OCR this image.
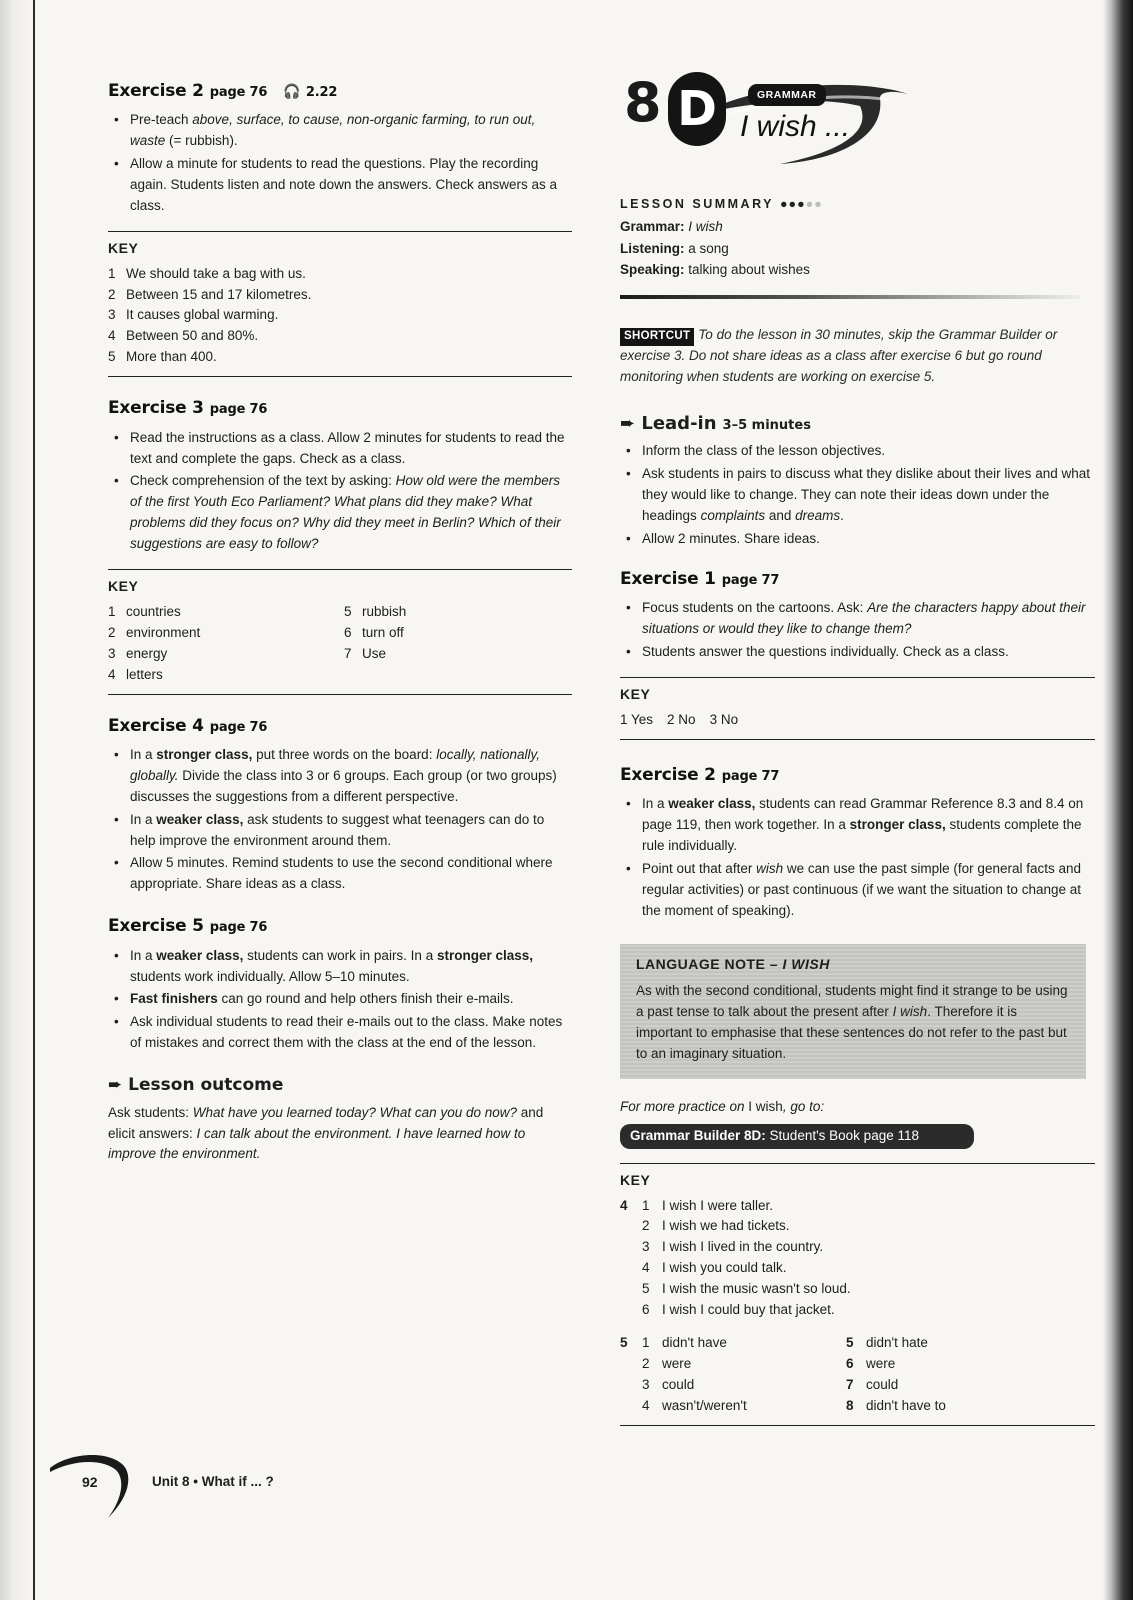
Exercise 2 page 76 🎧 2.22
• Pre-teach above, surface, to cause, non-organic farming, to run out, waste (= rubbish).
• Allow a minute for students to read the questions. Play the recording again. Students listen and note down the answers. Check answers as a class.
KEY
1 We should take a bag with us.
2 Between 15 and 17 kilometres.
3 It causes global warming.
4 Between 50 and 80%.
5 More than 400.
Exercise 3 page 76
• Read the instructions as a class. Allow 2 minutes for students to read the text and complete the gaps. Check as a class.
• Check comprehension of the text by asking: How old were the members of the first Youth Eco Parliament? What plans did they make? What problems did they focus on? Why did they meet in Berlin? Which of their suggestions are easy to follow?
KEY
1 countries
2 environment
3 energy
4 letters
5 rubbish
6 turn off
7 Use
Exercise 4 page 76
• In a stronger class, put three words on the board: locally, nationally, globally. Divide the class into 3 or 6 groups. Each group (or two groups) discusses the suggestions from a different perspective.
• In a weaker class, ask students to suggest what teenagers can do to help improve the environment around them.
• Allow 5 minutes. Remind students to use the second conditional where appropriate. Share ideas as a class.
Exercise 5 page 76
• In a weaker class, students can work in pairs. In a stronger class, students work individually. Allow 5–10 minutes.
• Fast finishers can go round and help others finish their e-mails.
• Ask individual students to read their e-mails out to the class. Make notes of mistakes and correct them with the class at the end of the lesson.
➨ Lesson outcome
Ask students: What have you learned today? What can you do now? and elicit answers: I can talk about the environment. I have learned how to improve the environment.
8 D	GRAMMAR
I wish ...
LESSON SUMMARY ●●●●●
Grammar: I wish
Listening: a song
Speaking: talking about wishes
SHORTCUT To do the lesson in 30 minutes, skip the Grammar Builder or exercise 3. Do not share ideas as a class after exercise 6 but go round monitoring when students are working on exercise 5.
➨ Lead-in 3–5 minutes
• Inform the class of the lesson objectives.
• Ask students in pairs to discuss what they dislike about their lives and what they would like to change. They can note their ideas down under the headings complaints and dreams.
• Allow 2 minutes. Share ideas.
Exercise 1 page 77
• Focus students on the cartoons. Ask: Are the characters happy about their situations or would they like to change them?
• Students answer the questions individually. Check as a class.
KEY
1 Yes 2 No 3 No
Exercise 2 page 77
• In a weaker class, students can read Grammar Reference 8.3 and 8.4 on page 119, then work together. In a stronger class, students complete the rule individually.
• Point out that after wish we can use the past simple (for general facts and regular activities) or past continuous (if we want the situation to change at the moment of speaking).
LANGUAGE NOTE – I WISH
As with the second conditional, students might find it strange to be using a past tense to talk about the present after I wish. Therefore it is important to emphasise that these sentences do not refer to the past but to an imaginary situation.
For more practice on I wish, go to:
Grammar Builder 8D: Student's Book page 118
KEY
4	1 I wish I were taller.
2 I wish we had tickets.
3 I wish I lived in the country.
4 I wish you could talk.
5 I wish the music wasn't so loud.
6 I wish I could buy that jacket.
5	1 didn't have
2 were
3 could
4 wasn't/weren't
5 didn't hate
6 were
7 could
8 didn't have to
92	Unit 8 • What if ... ?
